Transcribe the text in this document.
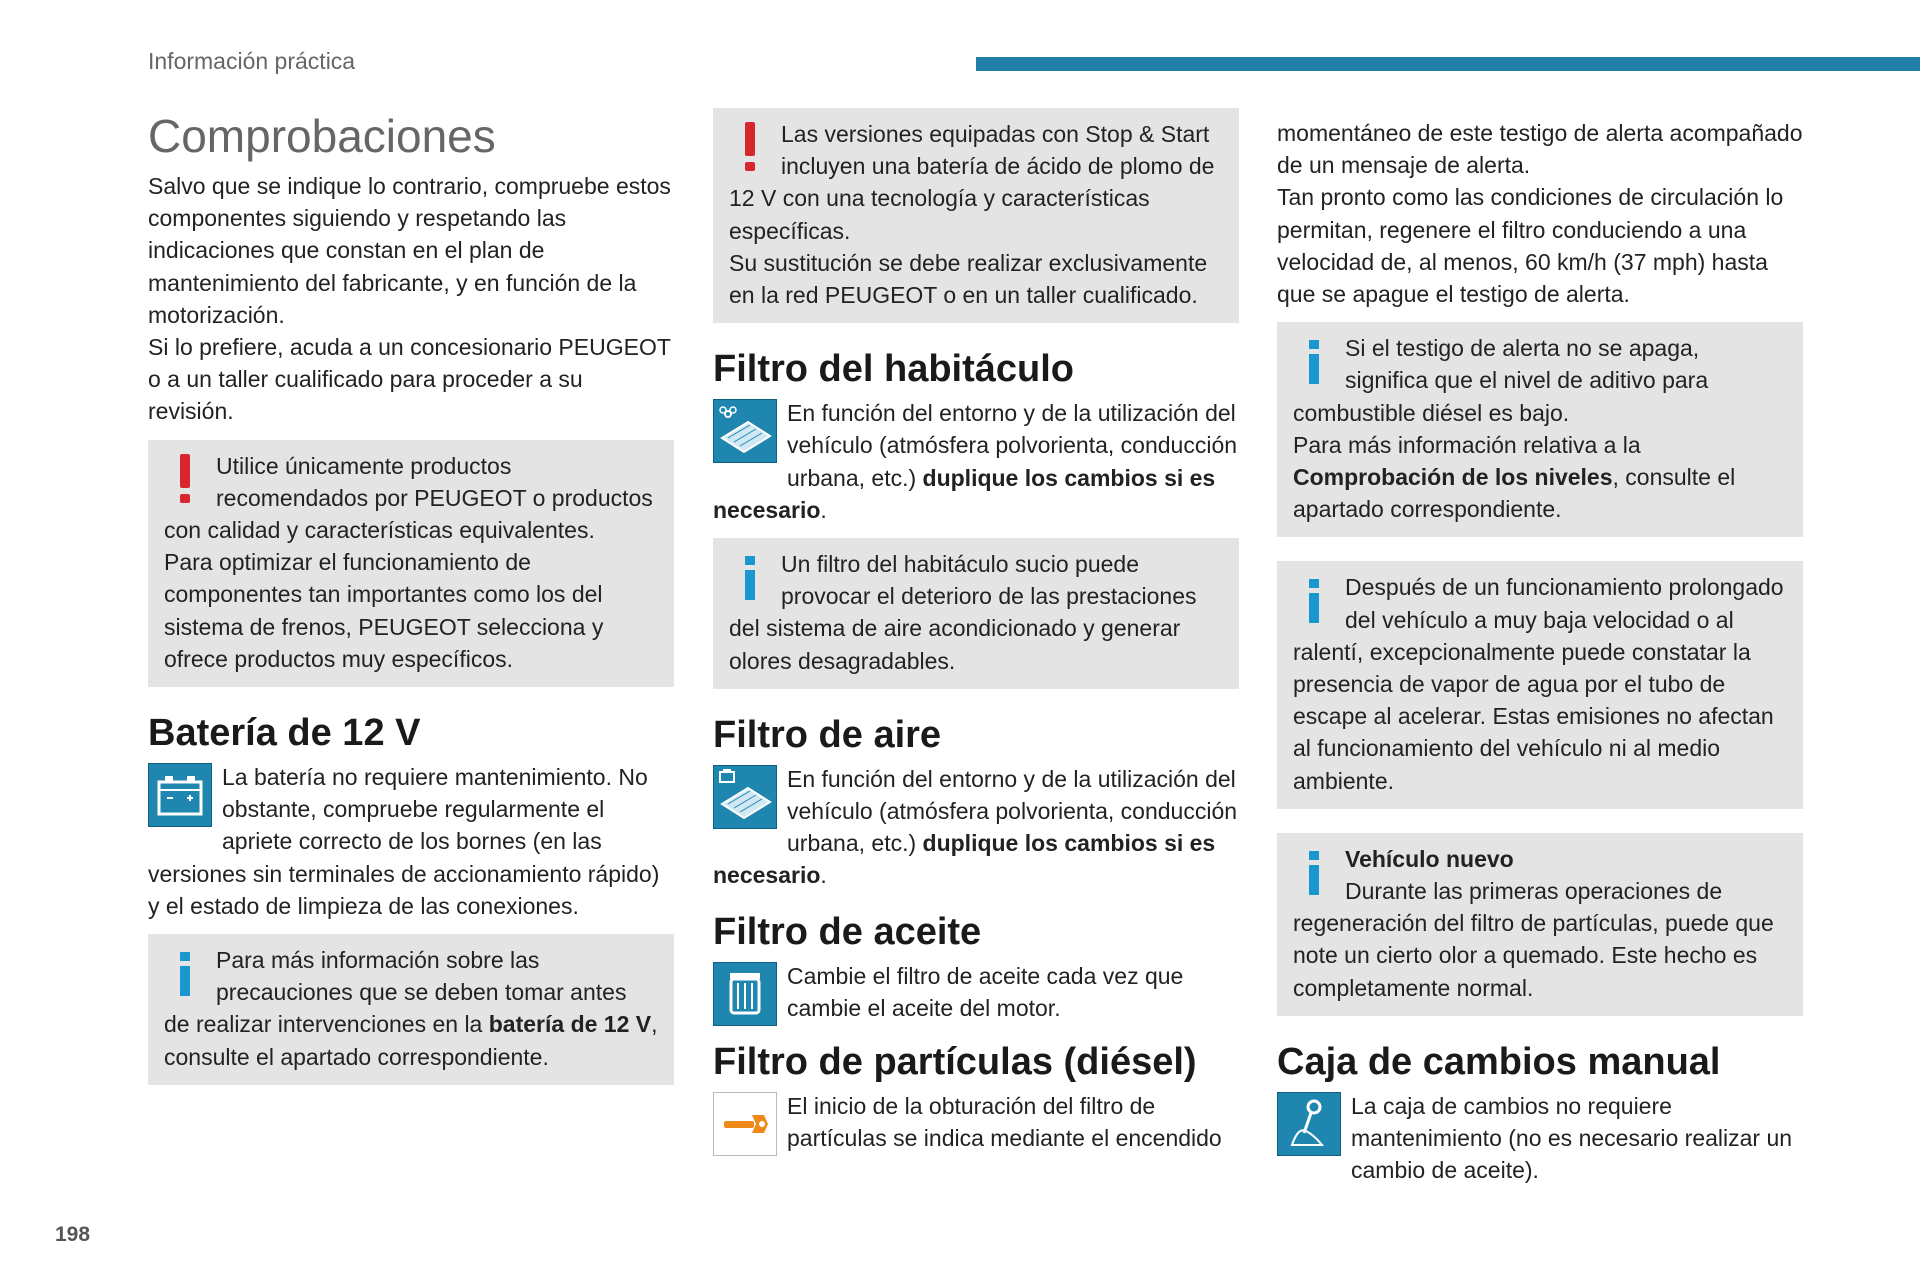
Información práctica
Comprobaciones

Salvo que se indique lo contrario, compruebe estos componentes siguiendo y respetando las indicaciones que constan en el plan de mantenimiento del fabricante, y en función de la motorización.

Si lo prefiere, acuda a un concesionario PEUGEOT o a un taller cualificado para proceder a su revisión.

Utilice únicamente productos recomendados por PEUGEOT o productos con calidad y características equivalentes.

Para optimizar el funcionamiento de componentes tan importantes como los del sistema de frenos, PEUGEOT selecciona y ofrece productos muy específicos.

Batería de 12 V

La batería no requiere mantenimiento. No obstante, compruebe regularmente el apriete correcto de los bornes (en las versiones sin terminales de accionamiento rápido) y el estado de limpieza de las conexiones.

Para más información sobre las precauciones que se deben tomar antes de realizar intervenciones en la batería de 12 V, consulte el apartado correspondiente.

Las versiones equipadas con Stop & Start incluyen una batería de ácido de plomo de 12 V con una tecnología y características específicas.

Su sustitución se debe realizar exclusivamente en la red PEUGEOT o en un taller cualificado.

Filtro del habitáculo

En función del entorno y de la utilización del vehículo (atmósfera polvorienta, conducción urbana, etc.) duplique los cambios si es necesario.

Un filtro del habitáculo sucio puede provocar el deterioro de las prestaciones del sistema de aire acondicionado y generar olores desagradables.

Filtro de aire

En función del entorno y de la utilización del vehículo (atmósfera polvorienta, conducción urbana, etc.) duplique los cambios si es necesario.

Filtro de aceite

Cambie el filtro de aceite cada vez que cambie el aceite del motor.

Filtro de partículas (diésel)

El inicio de la obturación del filtro de partículas se indica mediante el encendido

momentáneo de este testigo de alerta acompañado de un mensaje de alerta.

Tan pronto como las condiciones de circulación lo permitan, regenere el filtro conduciendo a una velocidad de, al menos, 60 km/h (37 mph) hasta que se apague el testigo de alerta.

Si el testigo de alerta no se apaga, significa que el nivel de aditivo para combustible diésel es bajo.

Para más información relativa a la Comprobación de los niveles, consulte el apartado correspondiente.

Después de un funcionamiento prolongado del vehículo a muy baja velocidad o al ralentí, excepcionalmente puede constatar la presencia de vapor de agua por el tubo de escape al acelerar. Estas emisiones no afectan al funcionamiento del vehículo ni al medio ambiente.

Vehículo nuevo

Durante las primeras operaciones de regeneración del filtro de partículas, puede que note un cierto olor a quemado. Este hecho es completamente normal.

Caja de cambios manual

La caja de cambios no requiere mantenimiento (no es necesario realizar un cambio de aceite).

198
